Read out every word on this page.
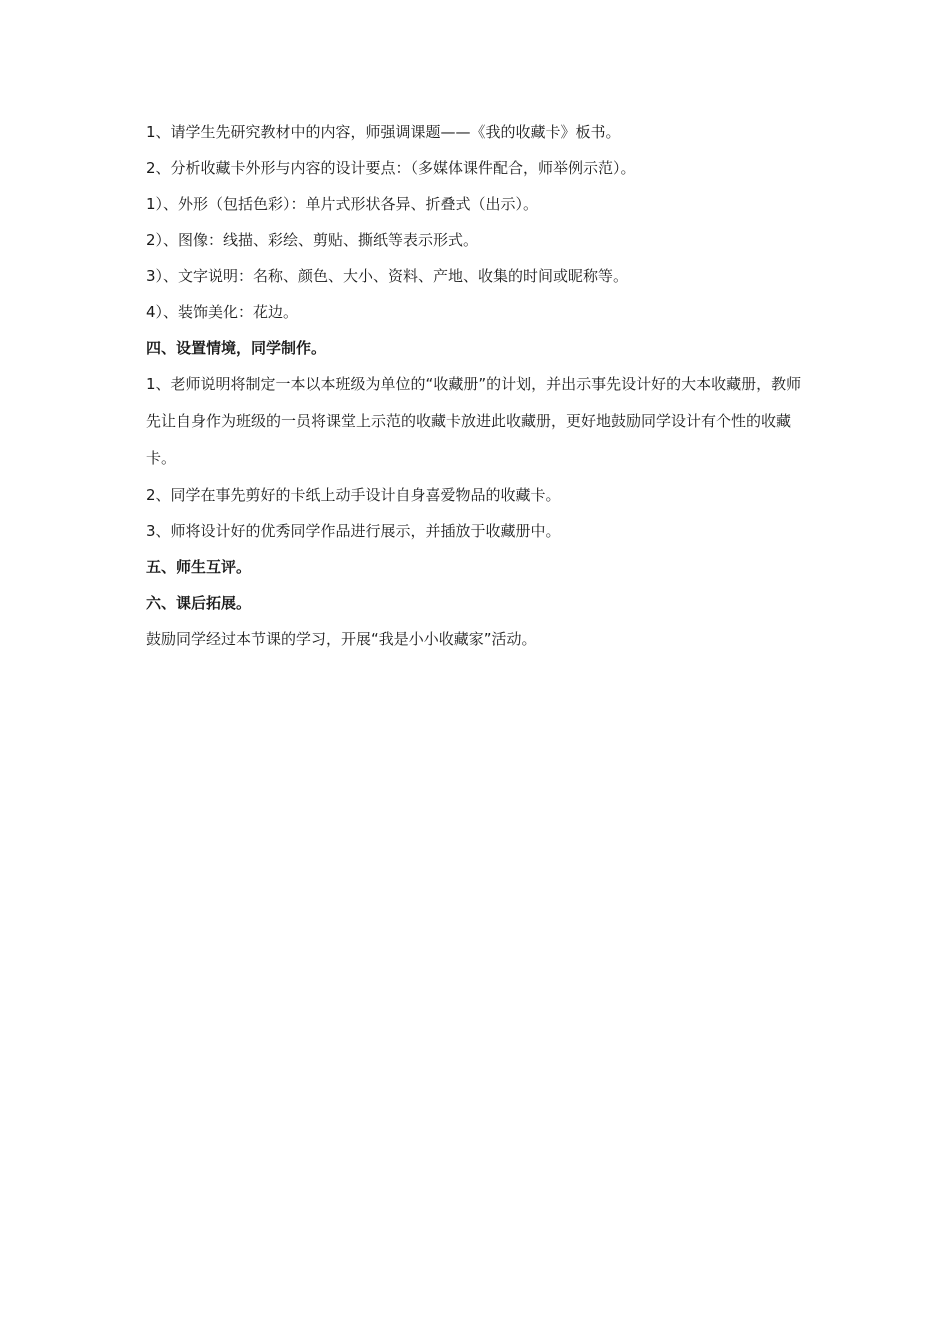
1、请学生先研究教材中的内容，师强调课题——《我的收藏卡》板书。
2、分析收藏卡外形与内容的设计要点：（多媒体课件配合，师举例示范）。
1）、外形（包括色彩）：单片式形状各异、折叠式（出示）。
2）、图像：线描、彩绘、剪贴、撕纸等表示形式。
3）、文字说明：名称、颜色、大小、资料、产地、收集的时间或昵称等。
4）、装饰美化：花边。
四、设置情境，同学制作。

1、老师说明将制定一本以本班级为单位的“收藏册”的计划，并出示事先设计好的大本收藏册，教师先让自身作为班级的一员将课堂上示范的收藏卡放进此收藏册，更好地鼓励同学设计有个性的收藏卡。

2、同学在事先剪好的卡纸上动手设计自身喜爱物品的收藏卡。
3、师将设计好的优秀同学作品进行展示，并插放于收藏册中。
五、师生互评。
六、课后拓展。
鼓励同学经过本节课的学习，开展“我是小小收藏家”活动。
